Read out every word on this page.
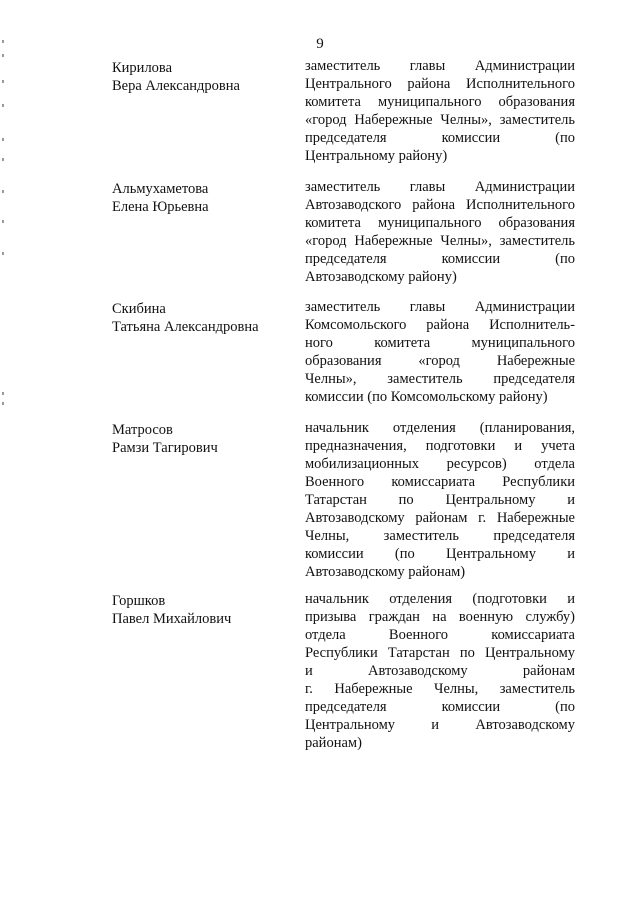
9
Кирилова
Вера Александровна
заместитель главы Администрации
Центрального района Исполнительного
комитета муниципального образования
«город Набережные Челны», заместитель
председателя комиссии (по
Центральному району)
Альмухаметова
Елена Юрьевна
заместитель главы Администрации
Автозаводского района Исполнительного
комитета муниципального образования
«город Набережные Челны», заместитель
председателя комиссии (по
Автозаводскому району)
Скибина
Татьяна Александровна
заместитель главы Администрации
Комсомольского района Исполнитель-
ного комитета муниципального
образования «город Набережные
Челны», заместитель председателя
комиссии (по Комсомольскому району)
Матросов
Рамзи Тагирович
начальник отделения (планирования,
предназначения, подготовки и учета
мобилизационных ресурсов) отдела
Военного комиссариата Республики
Татарстан по Центральному и
Автозаводскому районам г. Набережные
Челны, заместитель председателя
комиссии (по Центральному и
Автозаводскому районам)
Горшков
Павел Михайлович
начальник отделения (подготовки и
призыва граждан на военную службу)
отдела Военного комиссариата
Республики Татарстан по Центральному
и Автозаводскому районам
г. Набережные Челны, заместитель
председателя комиссии (по
Центральному и Автозаводскому
районам)
